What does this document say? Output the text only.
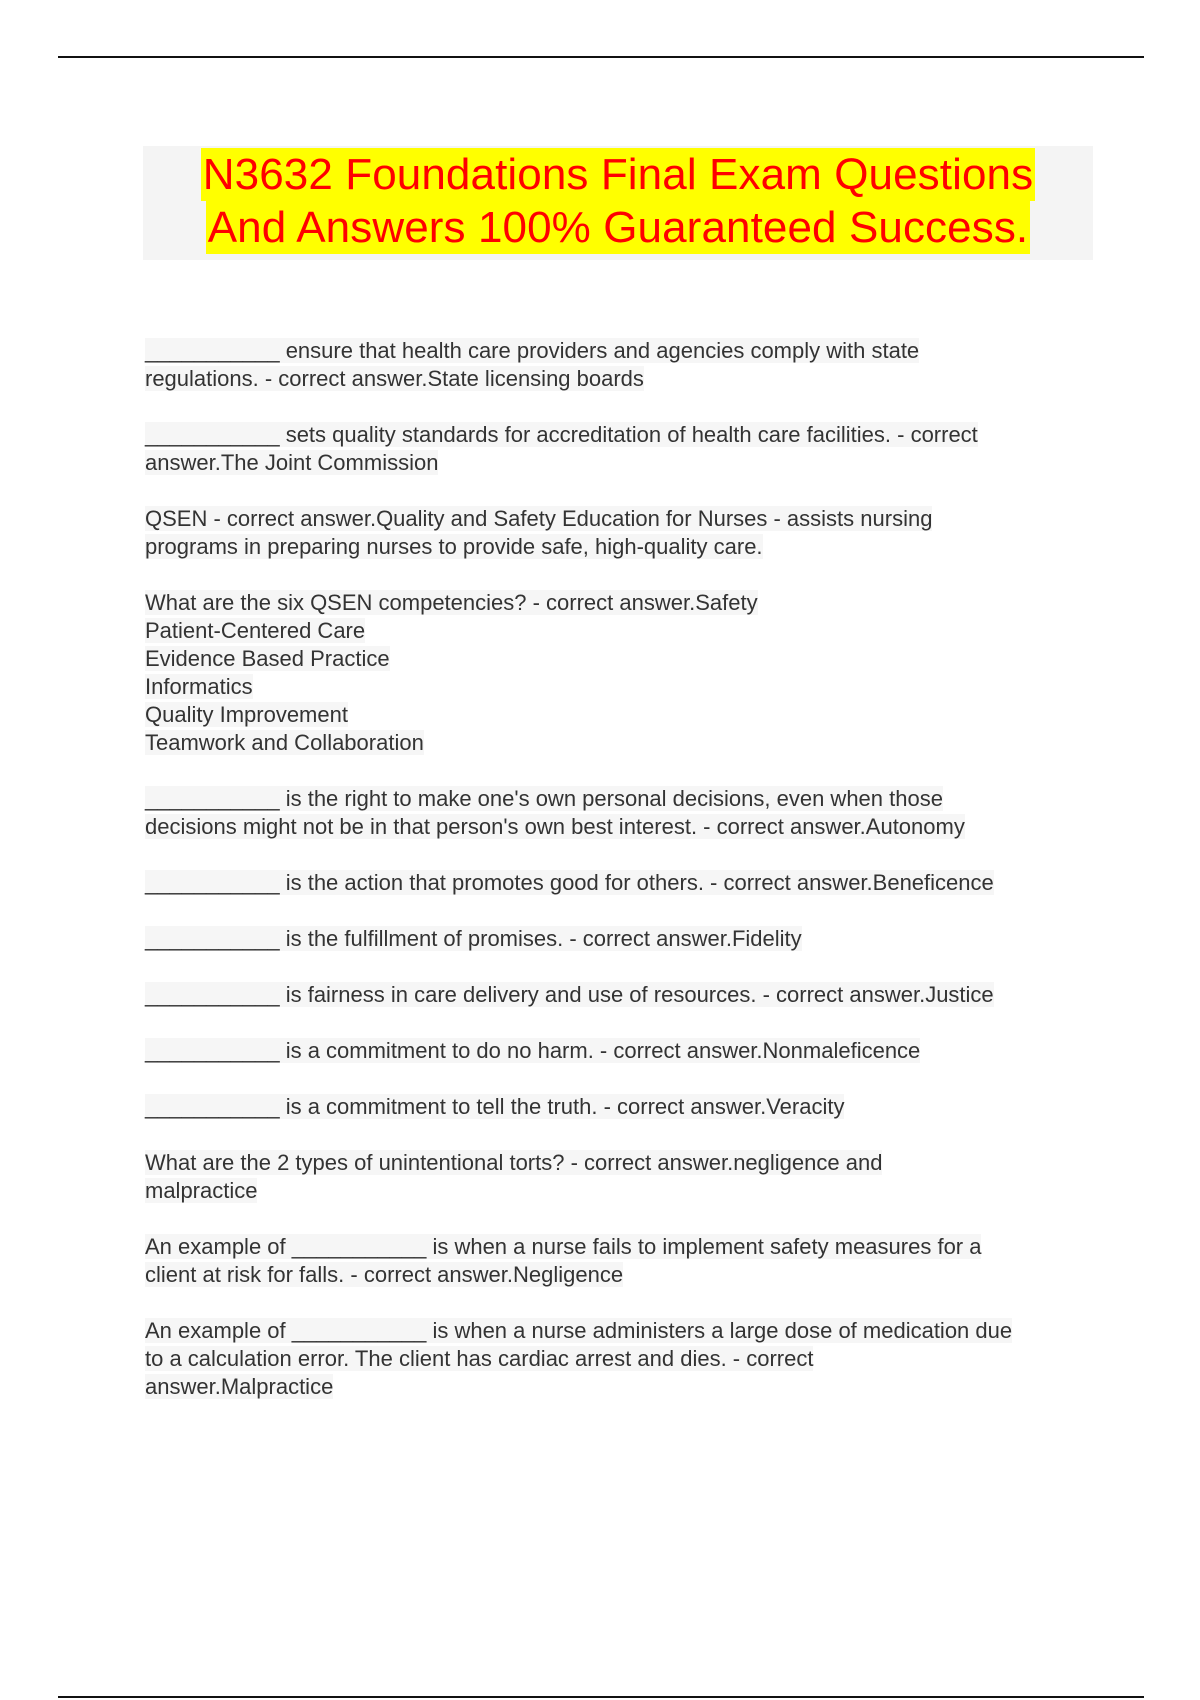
N3632 Foundations Final Exam Questions
And Answers 100% Guaranteed Success.

___________ ensure that health care providers and agencies comply with state
regulations. - correct answer.State licensing boards

___________ sets quality standards for accreditation of health care facilities. - correct
answer.The Joint Commission

QSEN - correct answer.Quality and Safety Education for Nurses - assists nursing
programs in preparing nurses to provide safe, high-quality care.

What are the six QSEN competencies? - correct answer.Safety
Patient-Centered Care
Evidence Based Practice
Informatics
Quality Improvement
Teamwork and Collaboration

___________ is the right to make one's own personal decisions, even when those
decisions might not be in that person's own best interest. - correct answer.Autonomy

___________ is the action that promotes good for others. - correct answer.Beneficence

___________ is the fulfillment of promises. - correct answer.Fidelity

___________ is fairness in care delivery and use of resources. - correct answer.Justice

___________ is a commitment to do no harm. - correct answer.Nonmaleficence

___________ is a commitment to tell the truth. - correct answer.Veracity

What are the 2 types of unintentional torts? - correct answer.negligence and
malpractice

An example of ___________ is when a nurse fails to implement safety measures for a
client at risk for falls. - correct answer.Negligence

An example of ___________ is when a nurse administers a large dose of medication due
to a calculation error. The client has cardiac arrest and dies. - correct
answer.Malpractice
